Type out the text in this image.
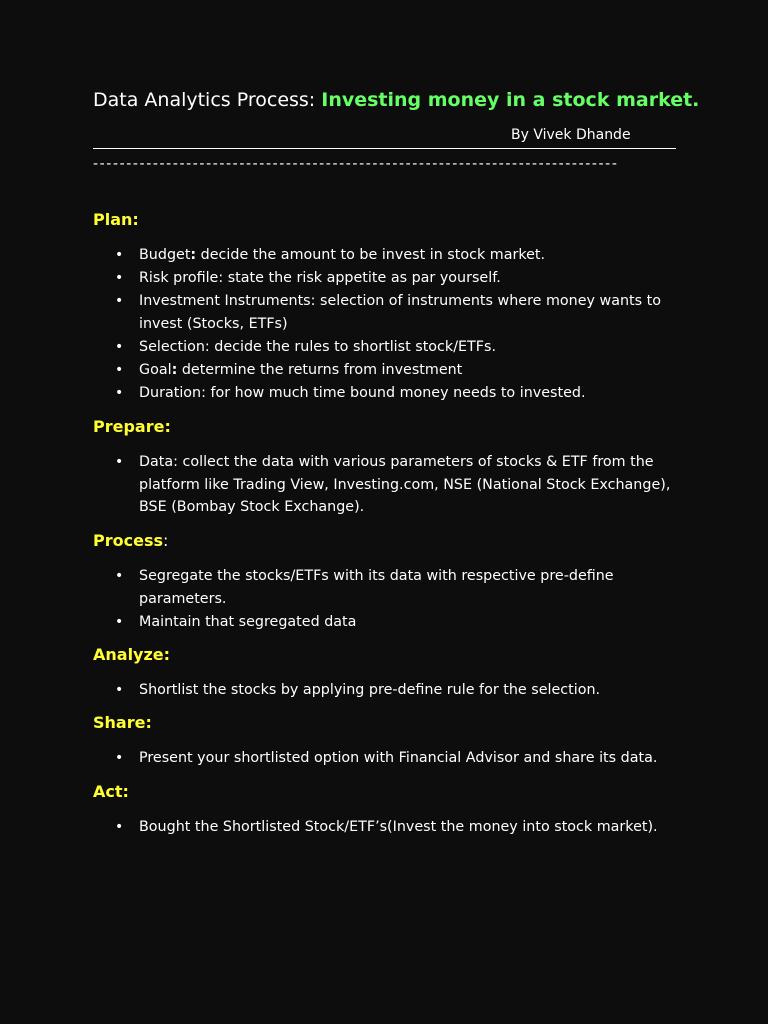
Data Analytics Process: Investing money in a stock market.
By Vivek Dhande
-------------------------------------------------------------------------------
Plan:
• Budget: decide the amount to be invest in stock market.
• Risk profile: state the risk appetite as par yourself.
• Investment Instruments: selection of instruments where money wants to invest (Stocks, ETFs)
• Selection: decide the rules to shortlist stock/ETFs.
• Goal: determine the returns from investment
• Duration: for how much time bound money needs to invested.
Prepare:
• Data: collect the data with various parameters of stocks & ETF from the platform like Trading View, Investing.com, NSE (National Stock Exchange), BSE (Bombay Stock Exchange).
Process:
• Segregate the stocks/ETFs with its data with respective pre-define parameters.
• Maintain that segregated data
Analyze:
• Shortlist the stocks by applying pre-define rule for the selection.
Share:
• Present your shortlisted option with Financial Advisor and share its data.
Act:
• Bought the Shortlisted Stock/ETF’s(Invest the money into stock market).
